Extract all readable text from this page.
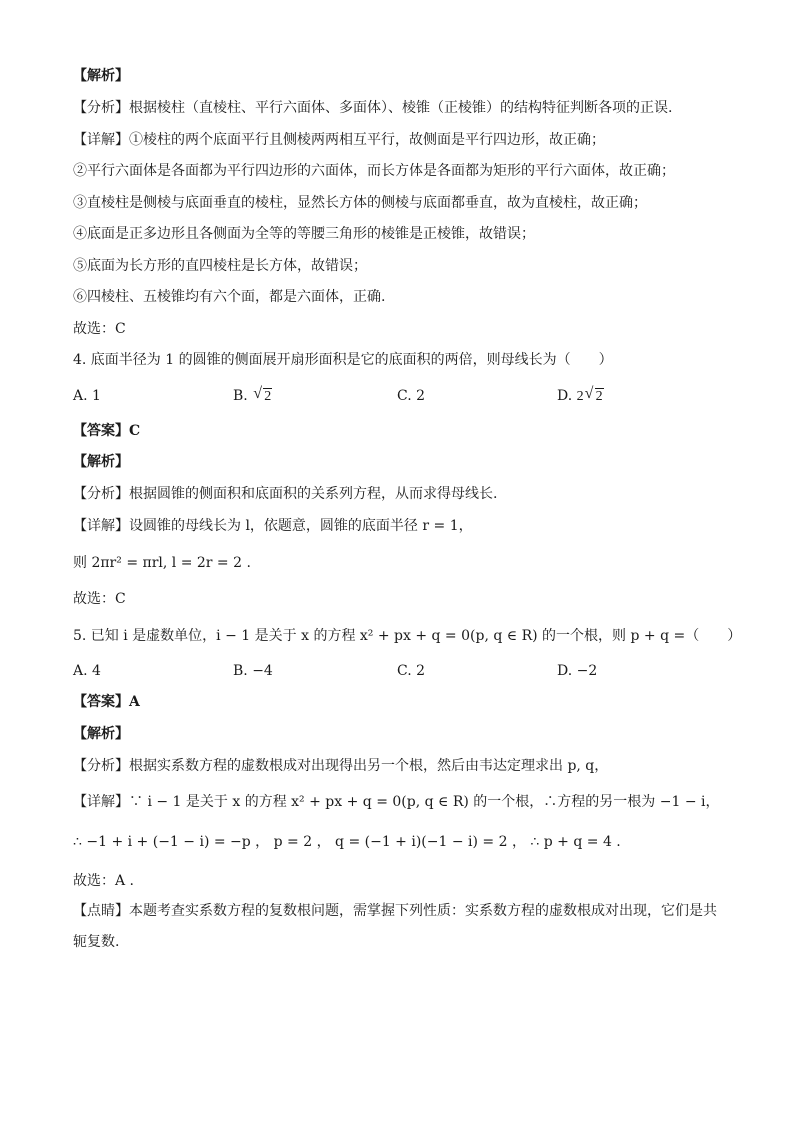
【解析】
【分析】根据棱柱（直棱柱、平行六面体、多面体）、棱锥（正棱锥）的结构特征判断各项的正误.
【详解】①棱柱的两个底面平行且侧棱两两相互平行，故侧面是平行四边形，故正确；
②平行六面体是各面都为平行四边形的六面体，而长方体是各面都为矩形的平行六面体，故正确；
③直棱柱是侧棱与底面垂直的棱柱，显然长方体的侧棱与底面都垂直，故为直棱柱，故正确；
④底面是正多边形且各侧面为全等的等腰三角形的棱锥是正棱锥，故错误；
⑤底面为长方形的直四棱柱是长方体，故错误；
⑥四棱柱、五棱锥均有六个面，都是六面体，正确.
故选：C
4. 底面半径为 1 的圆锥的侧面展开扇形面积是它的底面积的两倍，则母线长为（　　）
A. 1	B. √ 2	C. 2	D. 2 √ 2
【答案】C
【解析】
【分析】根据圆锥的侧面积和底面积的关系列方程，从而求得母线长.
【详解】设圆锥的母线长为 l，依题意，圆锥的底面半径 r = 1，
则 2πr² = πrl, l = 2r = 2 .
故选：C
5. 已知 i 是虚数单位，i − 1 是关于 x 的方程 x² + px + q = 0(p, q ∈ R) 的一个根，则 p + q =（　　）
A. 4	B. −4	C. 2	D. −2
【答案】A
【解析】
【分析】根据实系数方程的虚数根成对出现得出另一个根，然后由韦达定理求出 p, q，
【详解】∵ i − 1 是关于 x 的方程 x² + px + q = 0(p, q ∈ R) 的一个根，∴方程的另一根为 −1 − i，
∴ −1 + i + (−1 − i) = −p ， p = 2 ， q = (−1 + i)(−1 − i) = 2 ， ∴ p + q = 4 .
故选：A .
【点睛】本题考查实系数方程的复数根问题，需掌握下列性质：实系数方程的虚数根成对出现，它们是共
轭复数.
